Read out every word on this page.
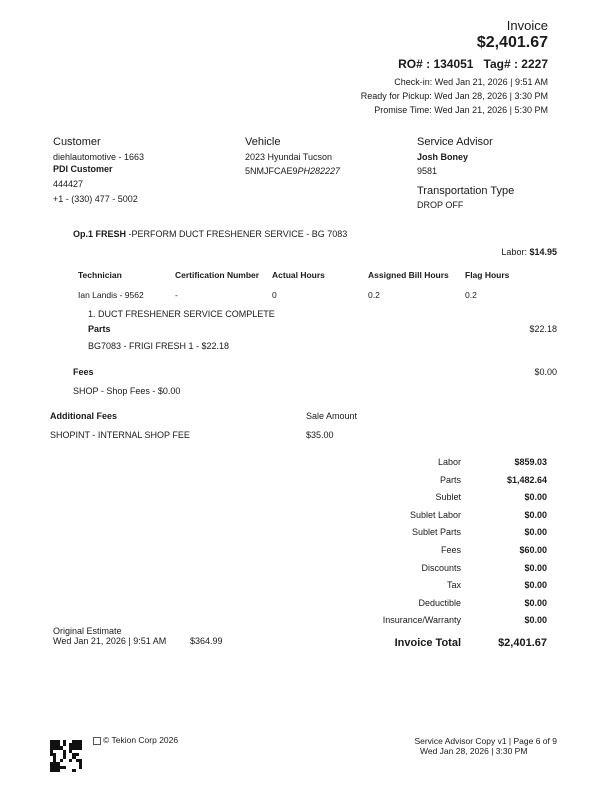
Invoice
$2,401.67
RO# : 134051 Tag# : 2227
Check-in: Wed Jan 21, 2026 | 9:51 AM
Ready for Pickup: Wed Jan 28, 2026 | 3:30 PM
Promise Time: Wed Jan 21, 2026 | 5:30 PM
Customer
diehlautomotive - 1663
PDI Customer
444427
+1 - (330) 477 - 5002
Vehicle
2023 Hyundai Tucson
5NMJFCAE9PH282227
Service Advisor
Josh Boney
9581
Transportation Type
DROP OFF
Op.1 FRESH -PERFORM DUCT FRESHENER SERVICE - BG 7083
Labor: $14.95
Technician	Certification Number	Actual Hours	Assigned Bill Hours	Flag Hours
Ian Landis - 9562	-	0	0.2	0.2
1. DUCT FRESHENER SERVICE COMPLETE
Parts	$22.18
BG7083 - FRIGI FRESH 1 - $22.18
Fees	$0.00
SHOP - Shop Fees - $0.00
Additional Fees	Sale Amount
SHOPINT - INTERNAL SHOP FEE	$35.00
Labor	$859.03
Parts	$1,482.64
Sublet	$0.00
Sublet Labor	$0.00
Sublet Parts	$0.00
Fees	$60.00
Discounts	$0.00
Tax	$0.00
Deductible	$0.00
Insurance/Warranty	$0.00
Invoice Total	$2,401.67
Original Estimate
Wed Jan 21, 2026 | 9:51 AM	$364.99
© Tekion Corp 2026	Service Advisor Copy v1 | Page 6 of 9
Wed Jan 28, 2026 | 3:30 PM
